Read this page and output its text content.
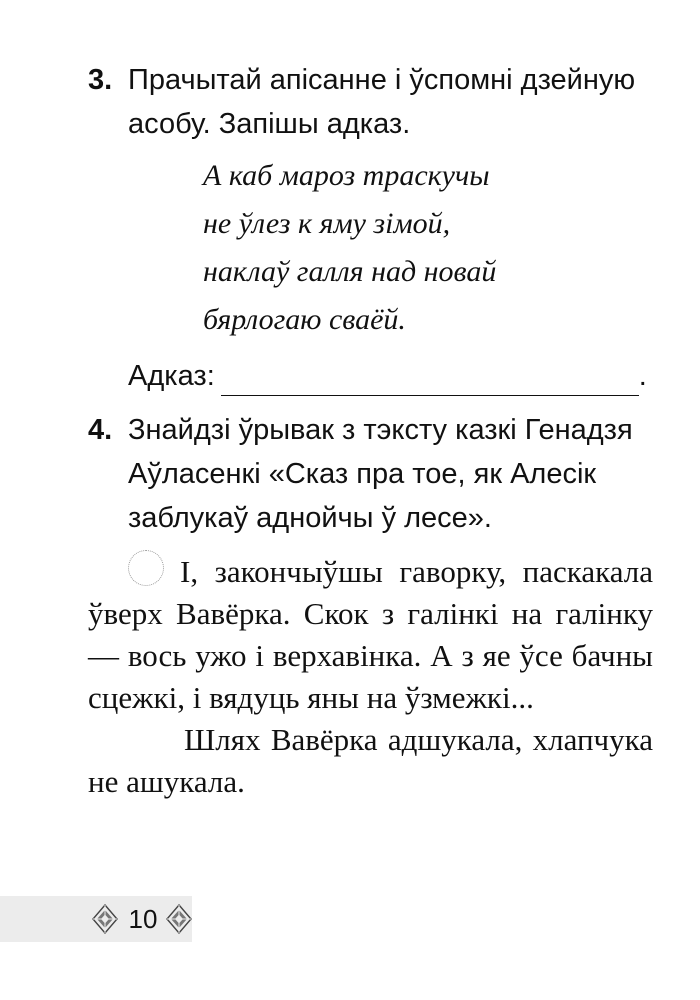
3. Прачытай апісанне і ўспомні дзейную асобу. Запішы адказ.
А каб мароз траскучы
не ўлез к яму зімой,
наклаў галля над новай
бярлогаю сваёй.
Адказ:	.
4. Знайдзі ўрывак з тэксту казкі Генадзя Аўласенкі «Сказ пра тое, як Алесік заблукаў аднойчы ў лесе».

І, закончыўшы гаворку, паскакала ўверх Вавёрка. Скок з галінкі на галінку — вось ужо і верхавінка. А з яе ўсе бачны сцежкі, і вядуць яны на ўзмежкі...

Шлях Вавёрка адшукала, хлапчука не ашукала.

10
